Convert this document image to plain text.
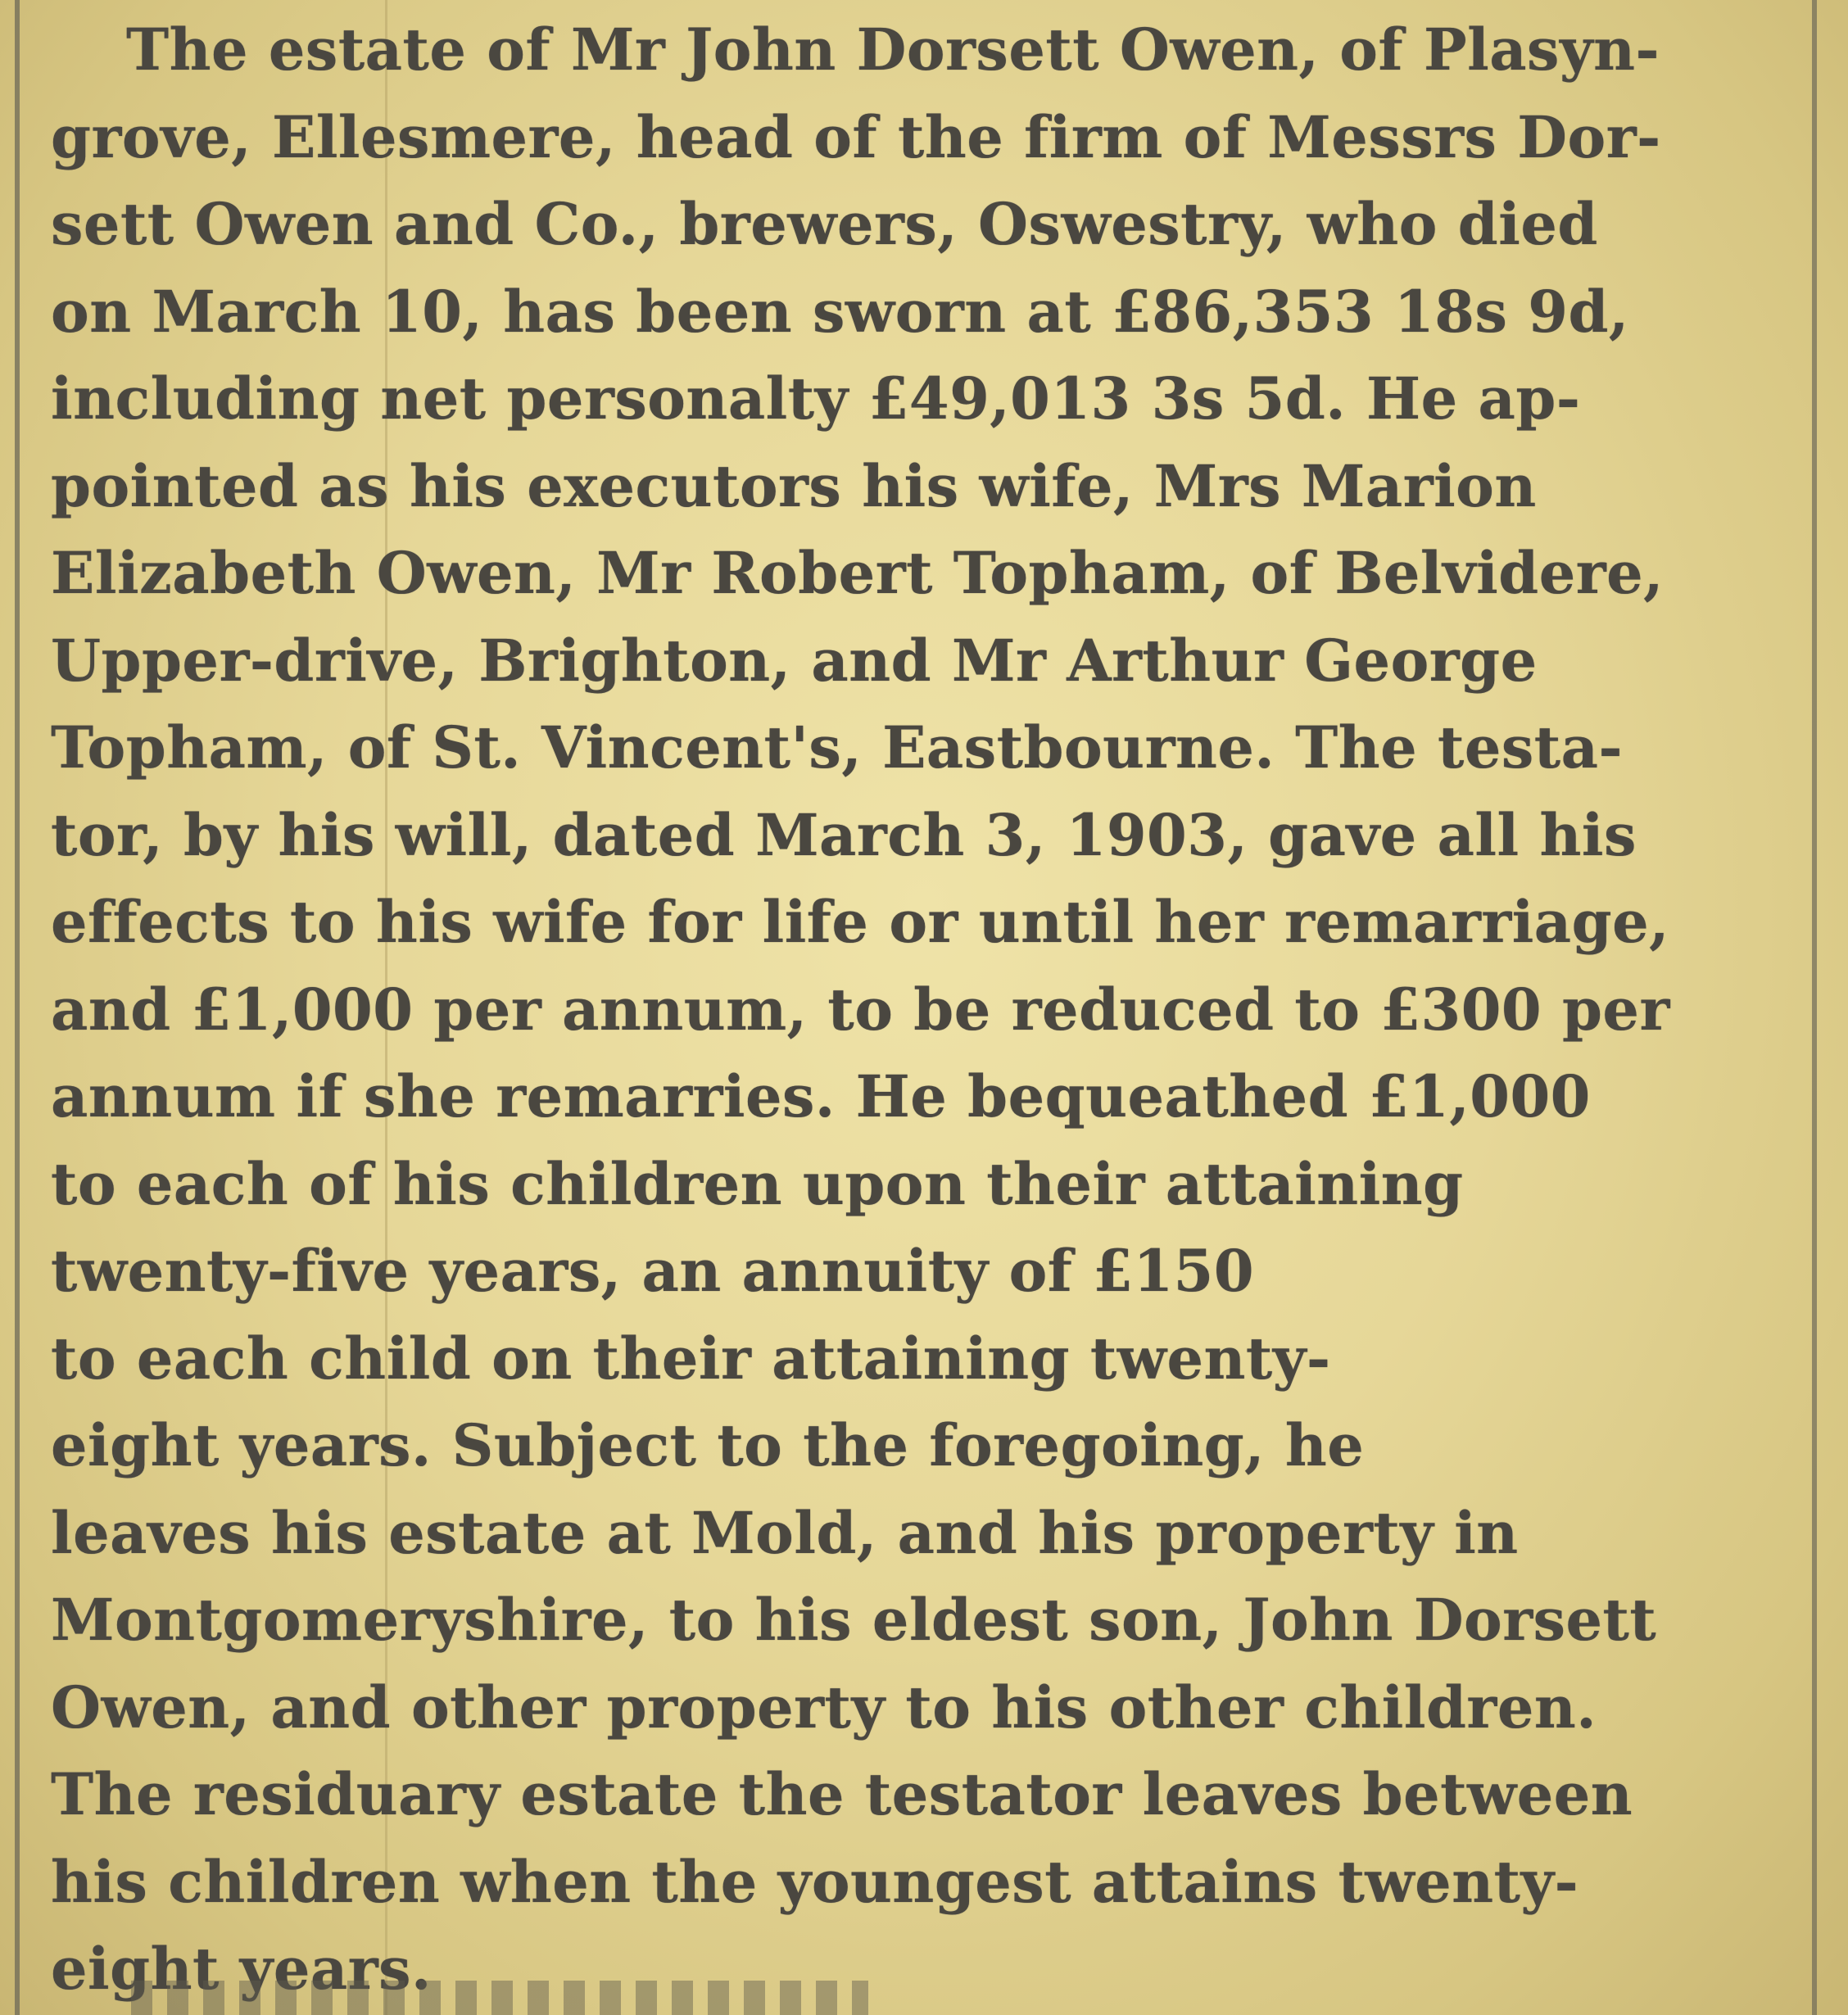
The estate of Mr John Dorsett Owen, of Plasyn-
grove, Ellesmere, head of the firm of Messrs Dor-
sett Owen and Co., brewers, Oswestry, who died
on March 10, has been sworn at £86,353 18s 9d,
including net personalty £49,013 3s 5d. He ap-
pointed as his executors his wife, Mrs Marion
Elizabeth Owen, Mr Robert Topham, of Belvidere,
Upper-drive, Brighton, and Mr Arthur George
Topham, of St. Vincent's, Eastbourne. The testa-
tor, by his will, dated March 3, 1903, gave all his
effects to his wife for life or until her remarriage,
and £1,000 per annum, to be reduced to £300 per
annum if she remarries. He bequeathed £1,000
to each of his children upon their attaining
twenty-five years, an annuity of £150
to each child on their attaining twenty-
eight years. Subject to the foregoing, he
leaves his estate at Mold, and his property in
Montgomeryshire, to his eldest son, John Dorsett
Owen, and other property to his other children.
The residuary estate the testator leaves between
his children when the youngest attains twenty-
eight years.
